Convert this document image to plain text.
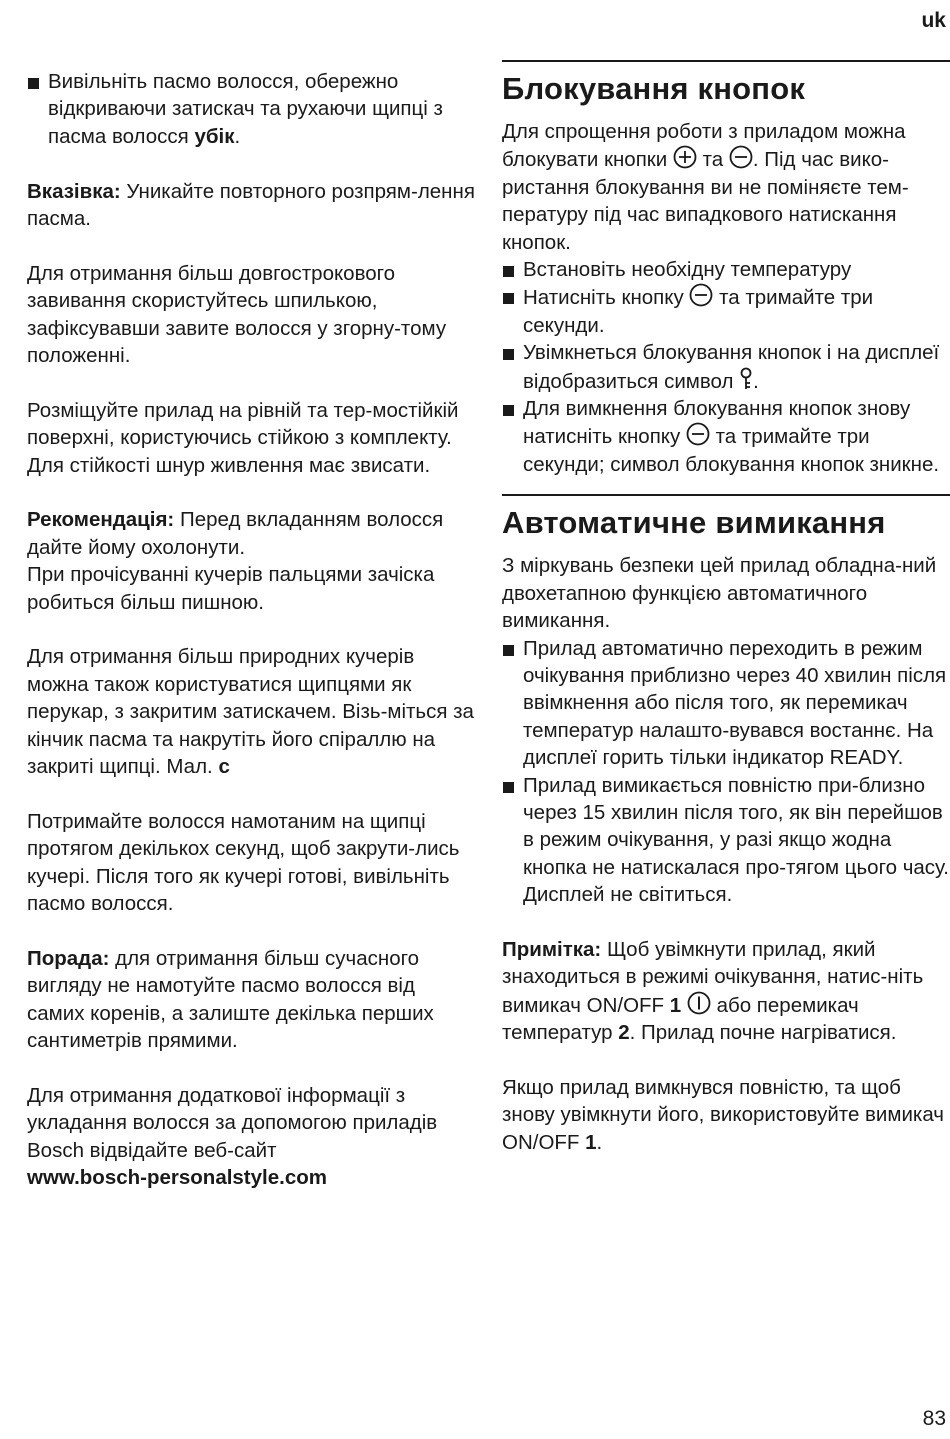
uk
Вивільніть пасмо волосся, обережно відкриваючи затискач та рухаючи щипці з пасма волосся убік.

Вказівка: Уникайте повторного розпрям-лення пасма.

Для отримання більш довгострокового завивання скористуйтесь шпилькою, зафіксувавши завите волосся у згорну-тому положенні.

Розміщуйте прилад на рівній та тер-мостійкій поверхні, користуючись стійкою з комплекту. Для стійкості шнур живлення має звисати.

Рекомендація: Перед вкладанням волосся дайте йому охолонути.

При прочісуванні кучерів пальцями зачіска робиться більш пишною.

Для отримання більш природних кучерів можна також користуватися щипцями як перукар, з закритим затискачем. Візь-міться за кінчик пасма та накрутіть його спіраллю на закриті щипці. Мал. c

Потримайте волосся намотаним на щипці протягом декількох секунд, щоб закрути-лись кучері. Після того як кучері готові, вивільніть пасмо волосся.

Порада: для отримання більш сучасного вигляду не намотуйте пасмо волосся від самих коренів, а залиште декілька перших сантиметрів прямими.

Для отримання додаткової інформації з укладання волосся за допомогою приладів Bosch відвідайте веб-сайт

www.bosch-personalstyle.com

Блокування кнопок

Для спрощення роботи з приладом можна блокувати кнопки  та . Під час вико-ристання блокування ви не поміняєте тем-пературу під час випадкового натискання кнопок.

Встановіть необхідну температуру
Натисніть кнопку  та тримайте три секунди.
Увімкнеться блокування кнопок і на дисплеї відобразиться символ .
Для вимкнення блокування кнопок знову натисніть кнопку  та тримайте три секунди; символ блокування кнопок зникне.
Автоматичне вимикання

З міркувань безпеки цей прилад обладна-ний двохетапною функцією автоматичного вимикання.

Прилад автоматично переходить в режим очікування приблизно через 40 хвилин після ввімкнення або після того, як перемикач температур налашто-вувався востаннє. На дисплеї горить тільки індикатор READY.
Прилад вимикається повністю при-близно через 15 хвилин після того, як він перейшов в режим очікування, у разі якщо жодна кнопка не натискалася про-тягом цього часу. Дисплей не світиться.

Примітка: Щоб увімкнути прилад, який знаходиться в режимі очікування, натис-ніть вимикач ON/OFF 1  або перемикач температур 2. Прилад почне нагріватися.

Якщо прилад вимкнувся повністю, та щоб знову увімкнути його, використовуйте вимикач ON/OFF 1.

83
